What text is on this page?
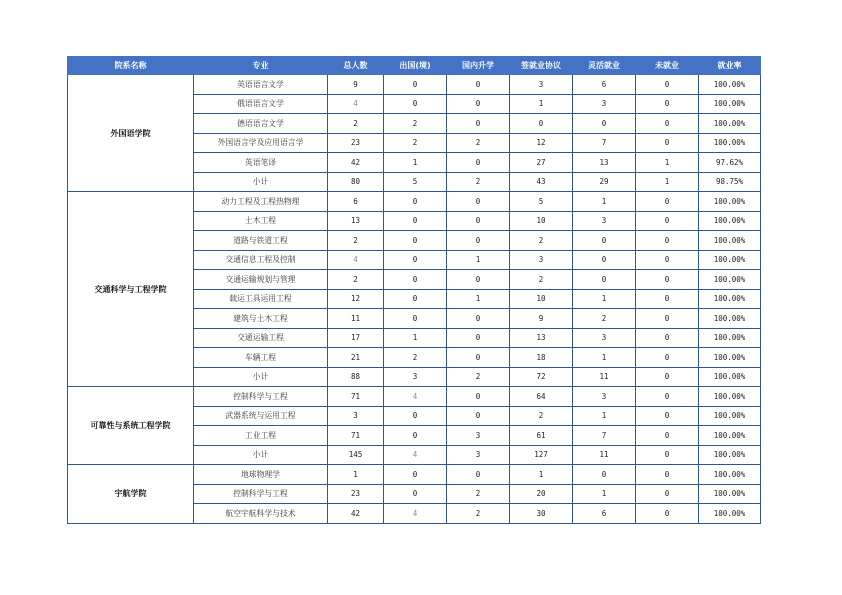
院系名称	专业	总人数	出国(境)	国内升学	签就业协议	灵活就业	未就业	就业率
外国语学院	英语语言文学	9	0	0	3	6	0	100.00%
	俄语语言文学	4	0	0	1	3	0	100.00%
	德语语言文学	2	2	0	0	0	0	100.00%
	外国语言学及应用语言学	23	2	2	12	7	0	100.00%
	英语笔译	42	1	0	27	13	1	97.62%
	小计	80	5	2	43	29	1	98.75%
交通科学与工程学院	动力工程及工程热物理	6	0	0	5	1	0	100.00%
	土木工程	13	0	0	10	3	0	100.00%
	道路与铁道工程	2	0	0	2	0	0	100.00%
	交通信息工程及控制	4	0	1	3	0	0	100.00%
	交通运输规划与管理	2	0	0	2	0	0	100.00%
	载运工具运用工程	12	0	1	10	1	0	100.00%
	建筑与土木工程	11	0	0	9	2	0	100.00%
	交通运输工程	17	1	0	13	3	0	100.00%
	车辆工程	21	2	0	18	1	0	100.00%
	小计	88	3	2	72	11	0	100.00%
可靠性与系统工程学院	控制科学与工程	71	4	0	64	3	0	100.00%
	武器系统与运用工程	3	0	0	2	1	0	100.00%
	工业工程	71	0	3	61	7	0	100.00%
	小计	145	4	3	127	11	0	100.00%
宇航学院	地球物理学	1	0	0	1	0	0	100.00%
	控制科学与工程	23	0	2	20	1	0	100.00%
	航空宇航科学与技术	42	4	2	30	6	0	100.00%
